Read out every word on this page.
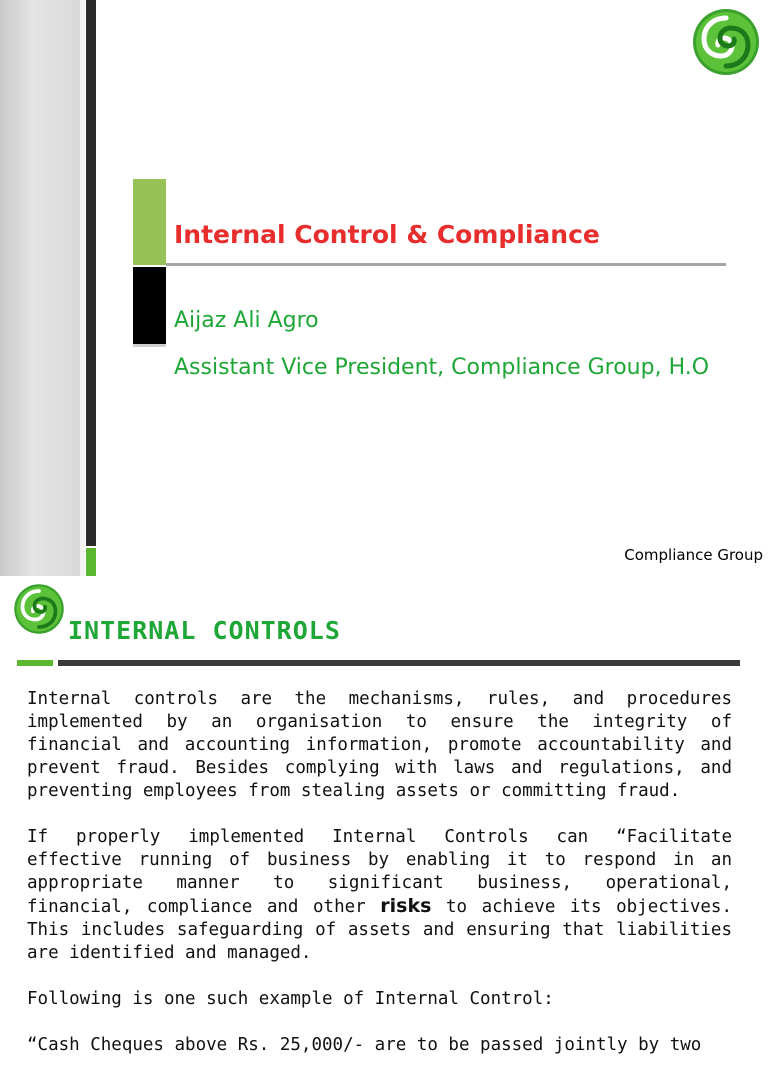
Internal Control & Compliance

Aijaz Ali Agro

Assistant Vice President, Compliance Group, H.O

Compliance Group

INTERNAL CONTROLS

Internal controls are the mechanisms, rules, and procedures implemented by an organisation to ensure the integrity of financial and accounting information, promote accountability and prevent fraud. Besides complying with laws and regulations, and preventing employees from stealing assets or committing fraud.

If properly implemented Internal Controls can “Facilitate effective running of business by enabling it to respond in an appropriate manner to significant business, operational, financial, compliance and other risks to achieve its objectives. This includes safeguarding of assets and ensuring that liabilities are identified and managed.

Following is one such example of Internal Control:

“Cash Cheques above Rs. 25,000/- are to be passed jointly by two
